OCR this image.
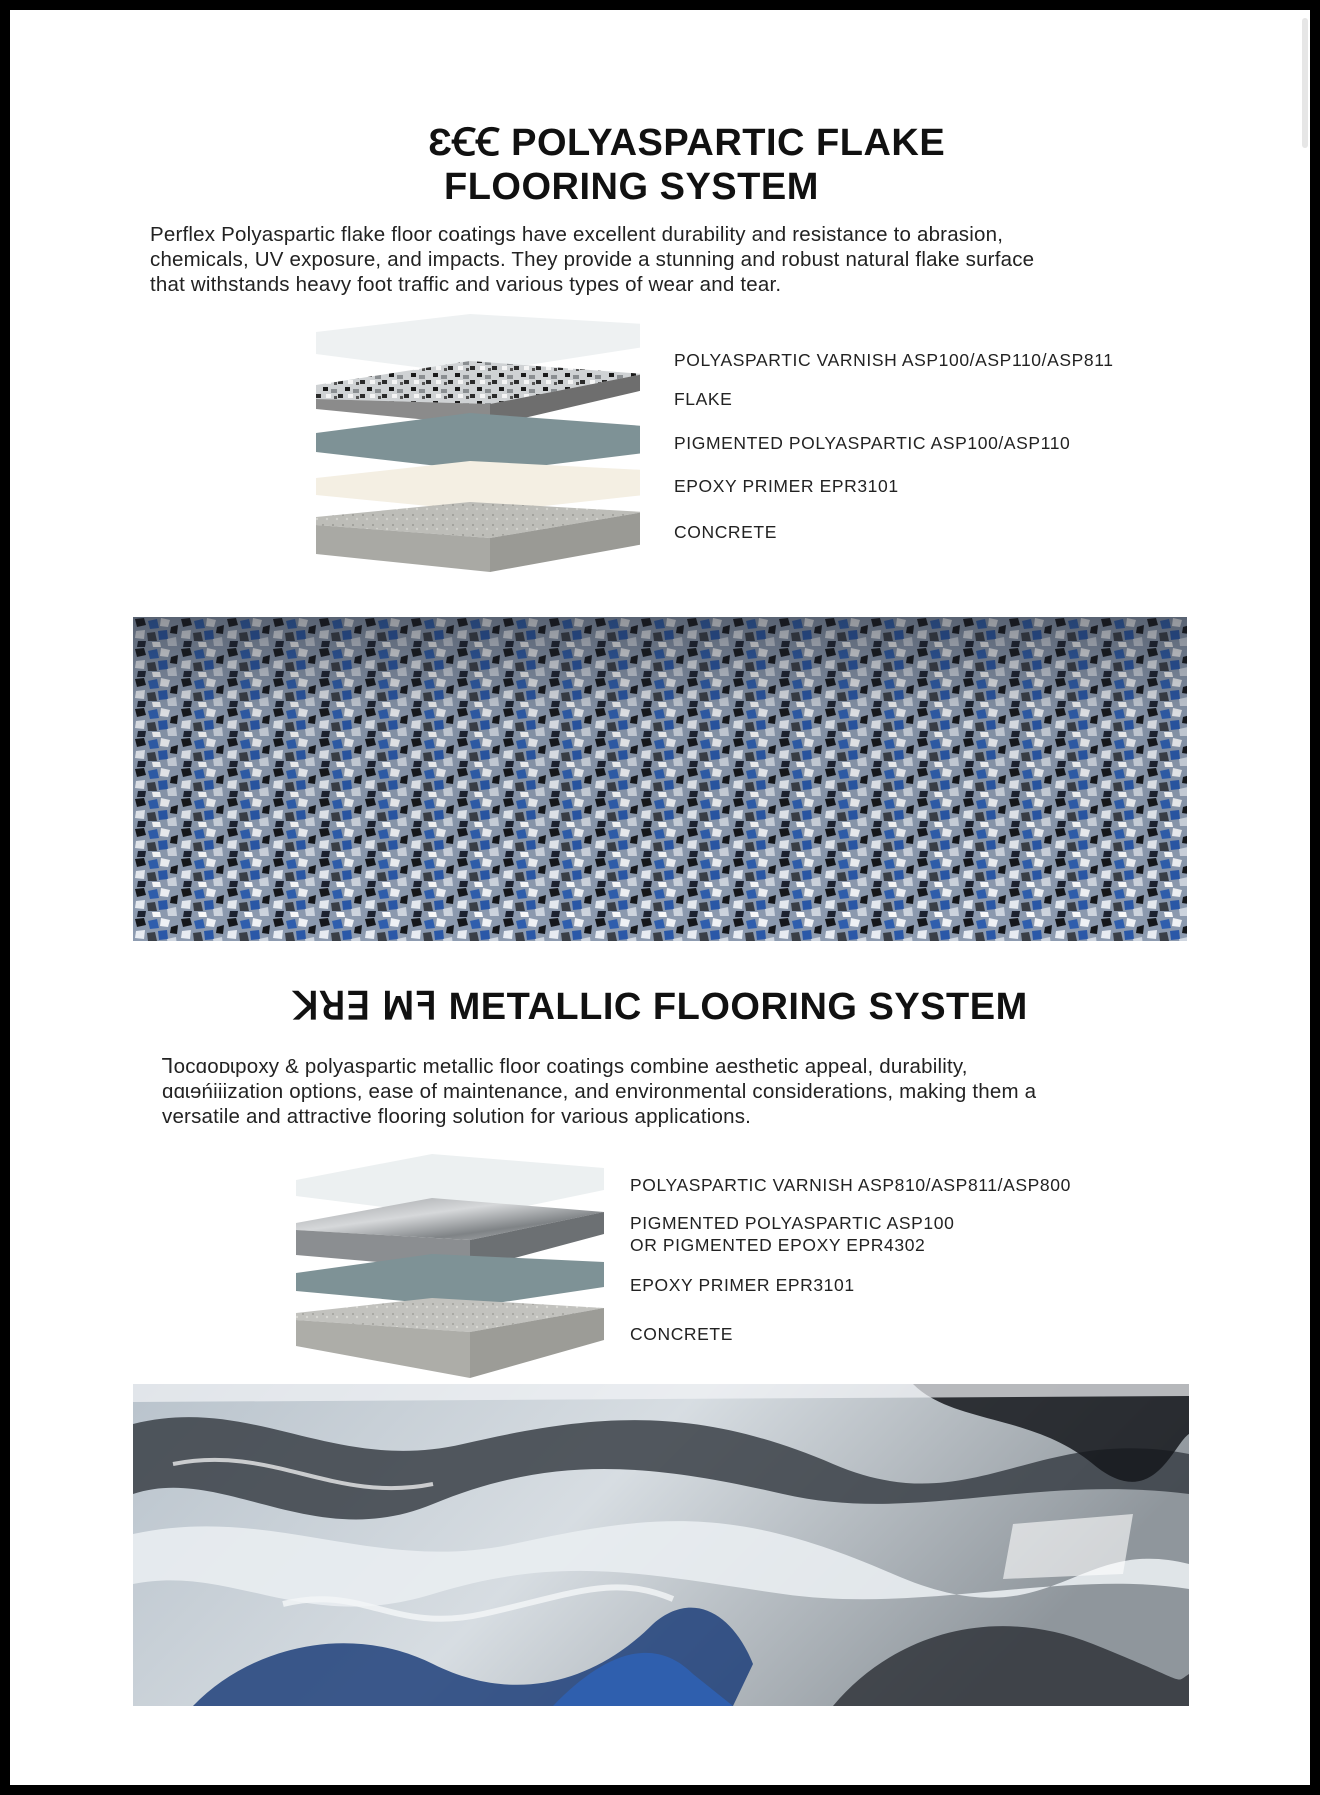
ƐꞒꞒ POLYASPARTIC FLAKE
FLOORING SYSTEM
Perflex Polyaspartic flake floor coatings have excellent durability and resistance to abrasion,
chemicals, UV exposure, and impacts. They provide a stunning and robust natural flake surface
that withstands heavy foot traffic and various types of wear and tear.
POLYASPARTIC VARNISH ASP100/ASP110/ASP811
FLAKE
PIGMENTED POLYASPARTIC ASP100/ASP110
EPOXY PRIMER EPR3101
CONCRETE
ꓘꓤꓱ ꟽꟻ METALLIC FLOORING SYSTEM
Ꞁᴏᴄɑᴏᴅɩpoxy & polyaspartic metallic floor coatings combine aesthetic appeal, durability,
ɑɑɩɘńiiization options, ease of maintenance, and environmental considerations, making them a
versatile and attractive flooring solution for various applications.
POLYASPARTIC VARNISH ASP810/ASP811/ASP800
PIGMENTED POLYASPARTIC ASP100
OR PIGMENTED EPOXY EPR4302
EPOXY PRIMER EPR3101
CONCRETE
